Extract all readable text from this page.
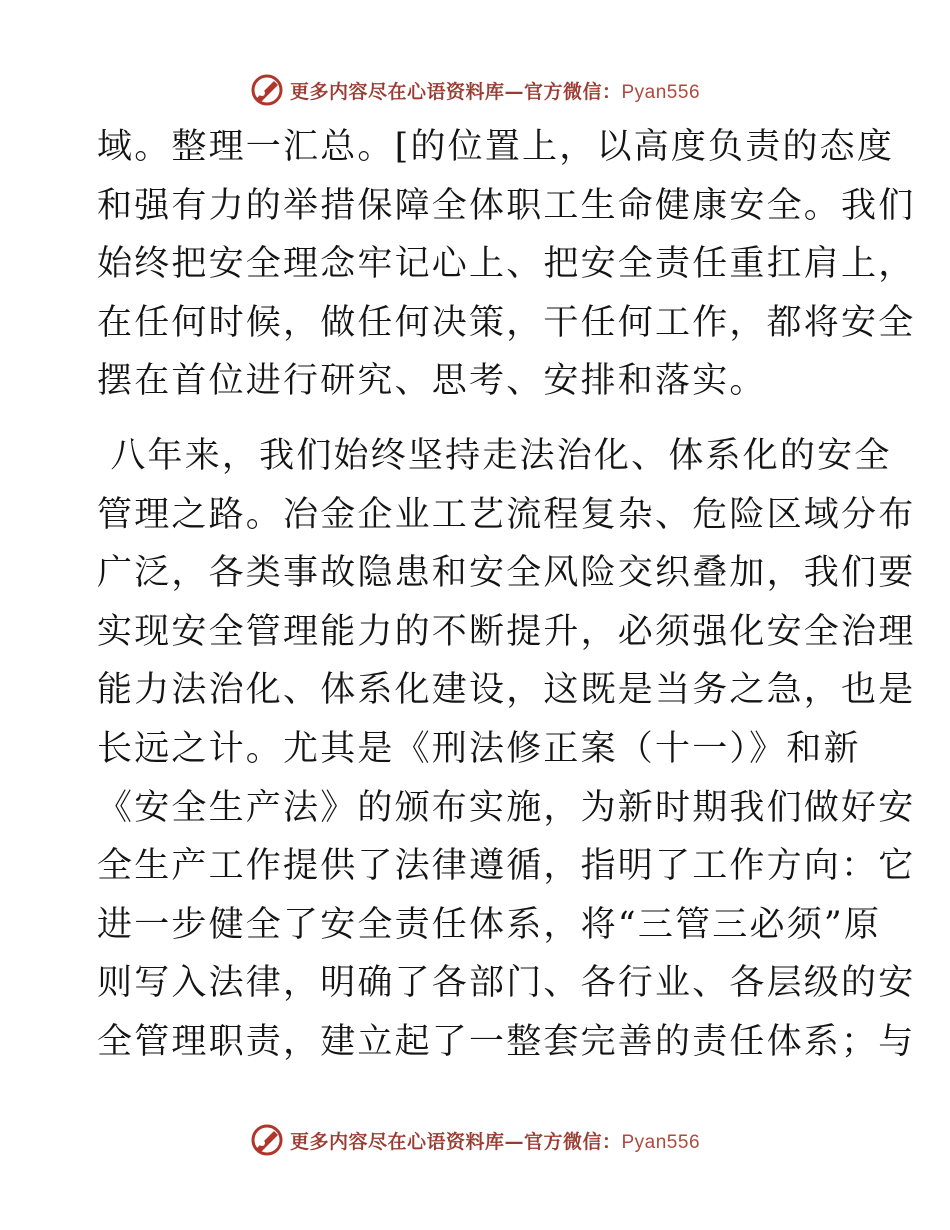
更多内容尽在心语资料库—官方微信：Pyan556

域。整理一汇总。[的位置上，以高度负责的态度
和强有力的举措保障全体职工生命健康安全。我们
始终把安全理念牢记心上、把安全责任重扛肩上，
在任何时候，做任何决策，干任何工作，都将安全
摆在首位进行研究、思考、安排和落实。

八年来，我们始终坚持走法治化、体系化的安全
管理之路。冶金企业工艺流程复杂、危险区域分布
广泛，各类事故隐患和安全风险交织叠加，我们要
实现安全管理能力的不断提升，必须强化安全治理
能力法治化、体系化建设，这既是当务之急，也是
长远之计。尤其是《刑法修正案（十一）》和新
《安全生产法》的颁布实施，为新时期我们做好安
全生产工作提供了法律遵循，指明了工作方向：它
进一步健全了安全责任体系，将“三管三必须”原
则写入法律，明确了各部门、各行业、各层级的安
全管理职责，建立起了一整套完善的责任体系；与

更多内容尽在心语资料库—官方微信：Pyan556
